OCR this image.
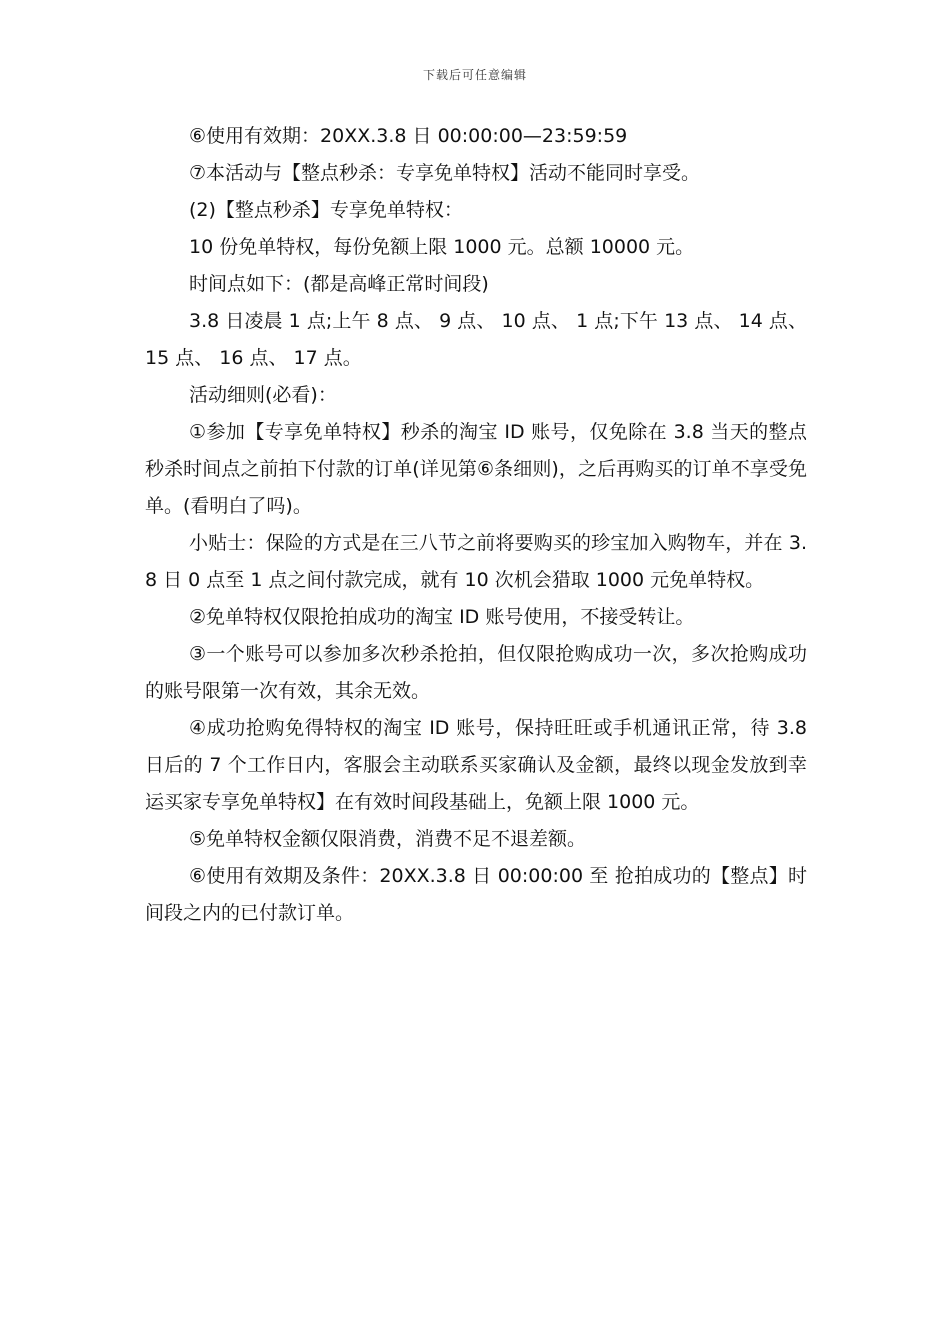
下载后可任意编辑

⑥使用有效期：20XX.3.8 日 00:00:00—23:59:59

⑦本活动与【整点秒杀：专享免单特权】活动不能同时享受。

(2)【整点秒杀】专享免单特权：

10 份免单特权，每份免额上限 1000 元。总额 10000 元。

时间点如下：(都是高峰正常时间段)

3.8 日凌晨 1 点;上午 8 点、 9 点、 10 点、 1 点;下午 13 点、 14 点、 15 点、 16 点、 17 点。

活动细则(必看)：

①参加【专享免单特权】秒杀的淘宝 ID 账号，仅免除在 3.8 当天的整点秒杀时间点之前拍下付款的订单(详见第⑥条细则)，之后再购买的订单不享受免单。(看明白了吗)。

小贴士：保险的方式是在三八节之前将要购买的珍宝加入购物车，并在 3.8 日 0 点至 1 点之间付款完成，就有 10 次机会猎取 1000 元免单特权。

②免单特权仅限抢拍成功的淘宝 ID 账号使用，不接受转让。

③一个账号可以参加多次秒杀抢拍，但仅限抢购成功一次，多次抢购成功的账号限第一次有效，其余无效。

④成功抢购免得特权的淘宝 ID 账号，保持旺旺或手机通讯正常，待 3.8 日后的 7 个工作日内，客服会主动联系买家确认及金额，最终以现金发放到幸运买家专享免单特权】在有效时间段基础上，免额上限 1000 元。

⑤免单特权金额仅限消费，消费不足不退差额。

⑥使用有效期及条件：20XX.3.8 日 00:00:00 至 抢拍成功的【整点】时间段之内的已付款订单。
